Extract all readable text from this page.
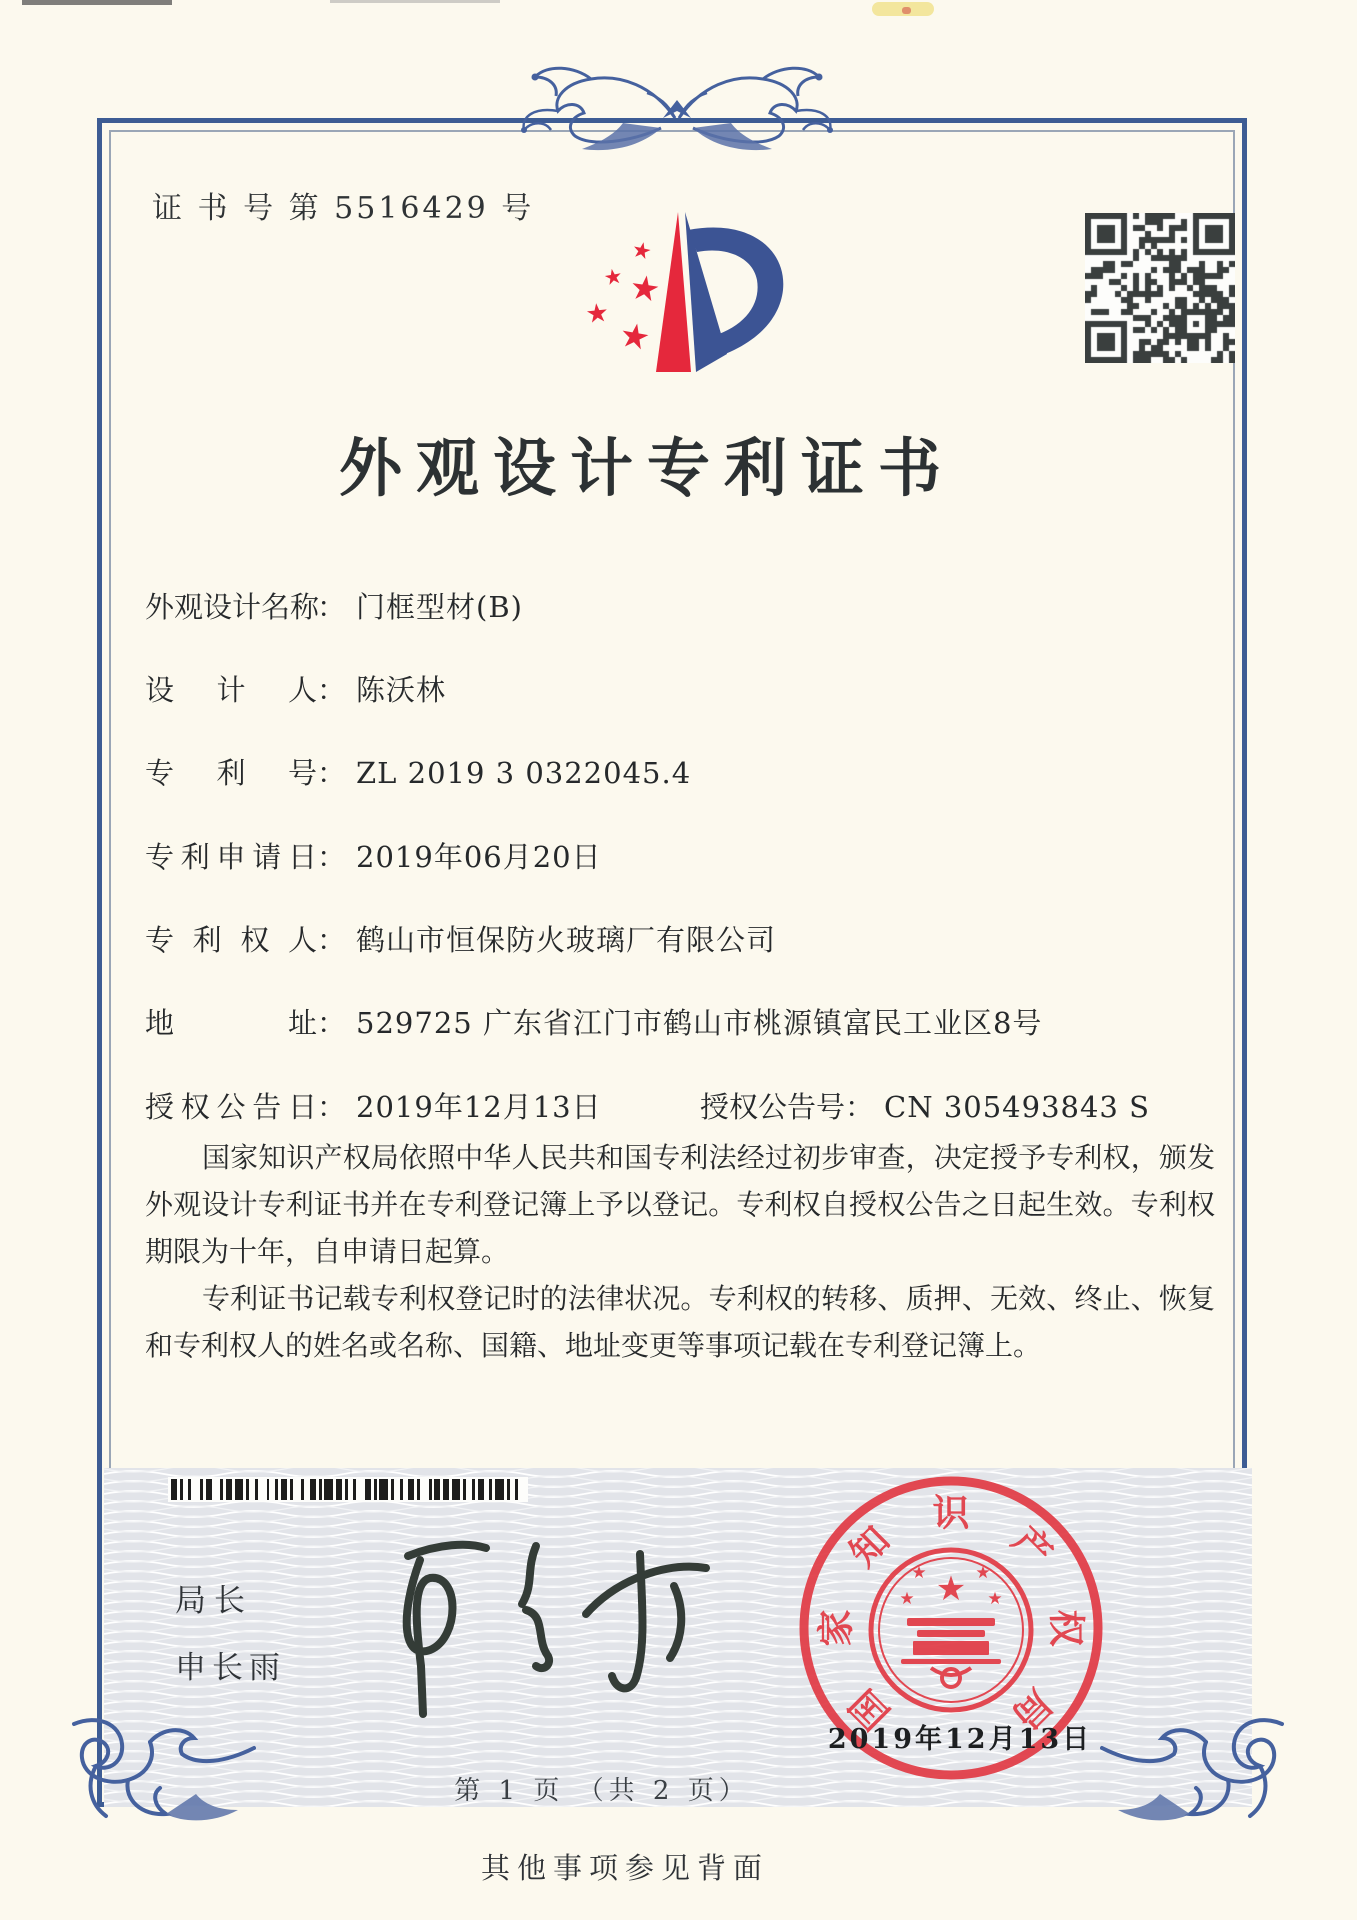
证 书 号 第 5516429 号
★
★ ★
★
★
外观设计专利证书
外观设计名称： 门框型材(B)
设计人： 陈沃林
专利号： ZL 2019 3 0322045.4
专利申请日： 2019年06月20日
专利权人： 鹤山市恒保防火玻璃厂有限公司
地址： 529725 广东省江门市鹤山市桃源镇富民工业区8号
授权公告日： 2019年12月13日	授权公告号： CN 305493843 S

国家知识产权局依照中华人民共和国专利法经过初步审查，决定授予专利权，颁发外观设计专利证书并在专利登记簿上予以登记。专利权自授权公告之日起生效。专利权期限为十年，自申请日起算。

专利证书记载专利权登记时的法律状况。专利权的转移、质押、无效、终止、恢复和专利权人的姓名或名称、国籍、地址变更等事项记载在专利登记簿上。

局长
申长雨
★
★	★
★	★
国
家
知
识
产
权
局
2019年12月13日
第 1 页 （共 2 页）
其他事项参见背面
